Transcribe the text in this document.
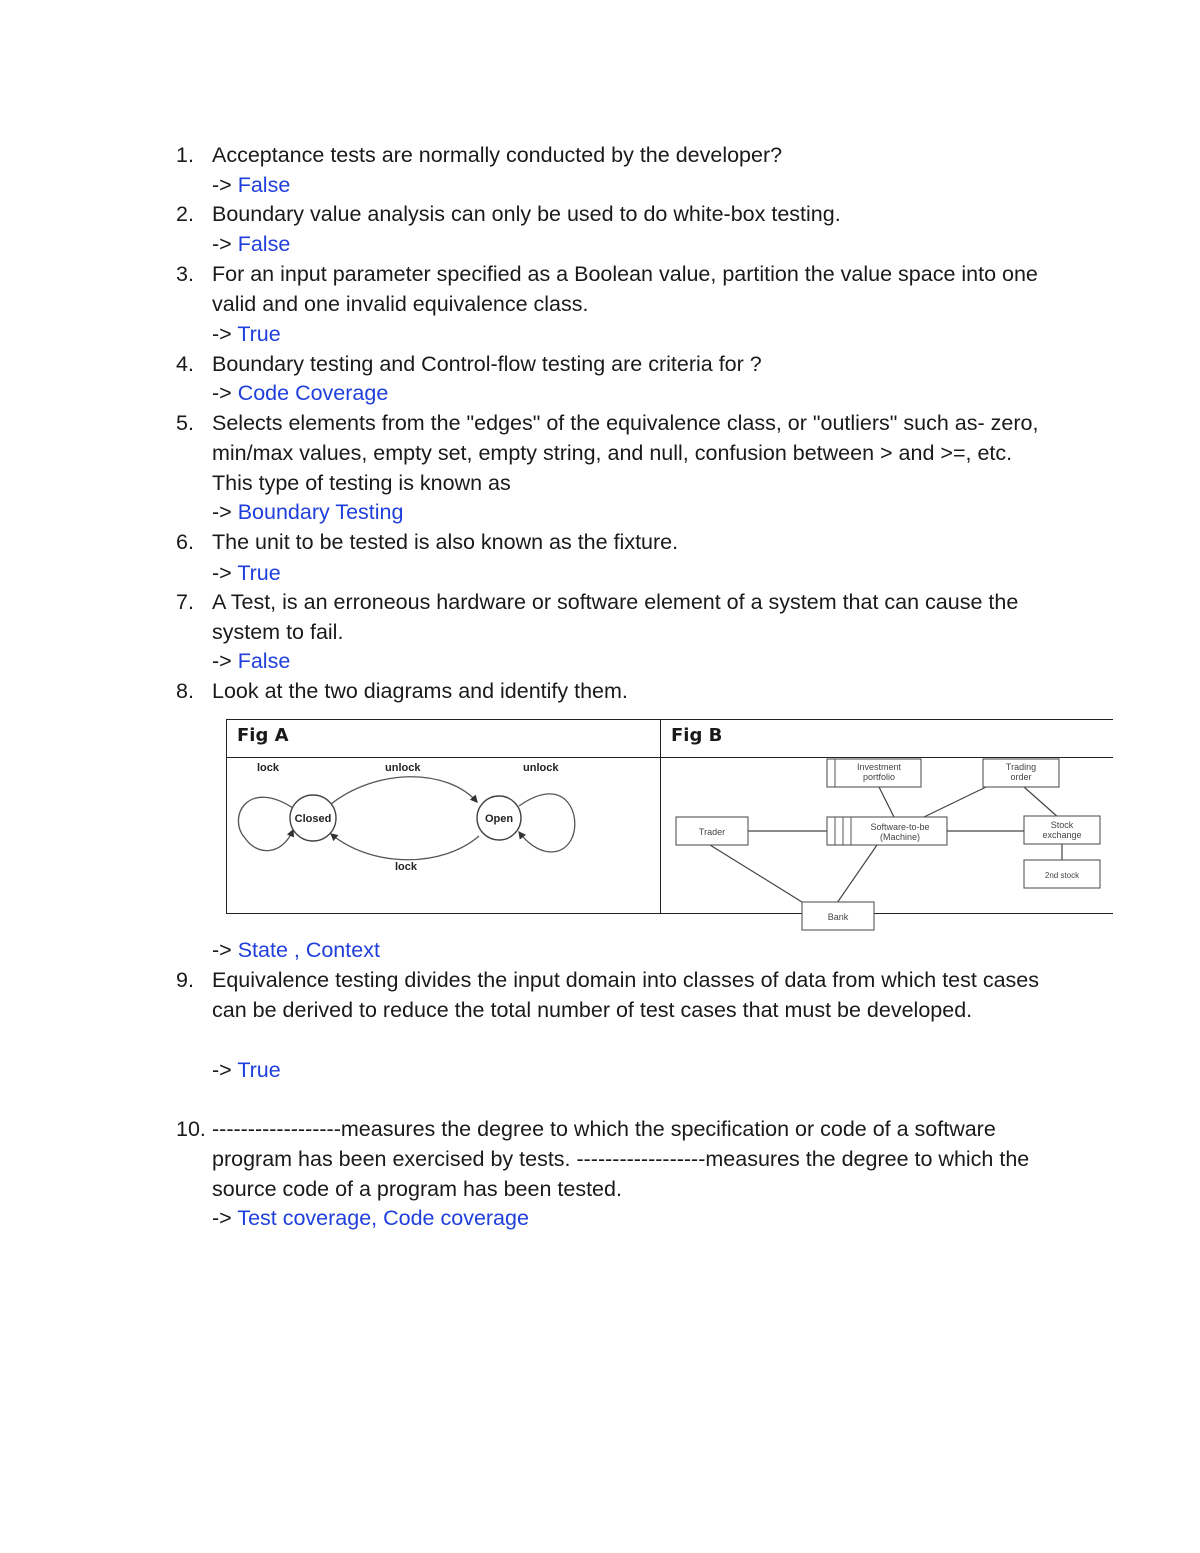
1. Acceptance tests are normally conducted by the developer?
-> False
2. Boundary value analysis can only be used to do white-box testing.
-> False
3. For an input parameter specified as a Boolean value, partition the value space into one valid and one invalid equivalence class.
-> True
4. Boundary testing and Control-flow testing are criteria for ?
-> Code Coverage
5. Selects elements from the "edges" of the equivalence class, or "outliers" such as- zero, min/max values, empty set, empty string, and null, confusion between > and >=, etc. This type of testing is known as
-> Boundary Testing
6. The unit to be tested is also known as the fixture.
-> True
7. A Test, is an erroneous hardware or software element of a system that can cause the system to fail.
-> False
8. Look at the two diagrams and identify them.
Fig A	Fig B
lock	unlock	unlock
lock
Closed	Open
Investment
portfolio
Trading
order
Trader	Software-to-be
(Machine)
Stock
exchange
2nd stock
Bank
-> State , Context
9. Equivalence testing divides the input domain into classes of data from which test cases can be derived to reduce the total number of test cases that must be developed.
-> True
10. ------------------measures the degree to which the specification or code of a software program has been exercised by tests. ------------------measures the degree to which the source code of a program has been tested.
-> Test coverage, Code coverage
